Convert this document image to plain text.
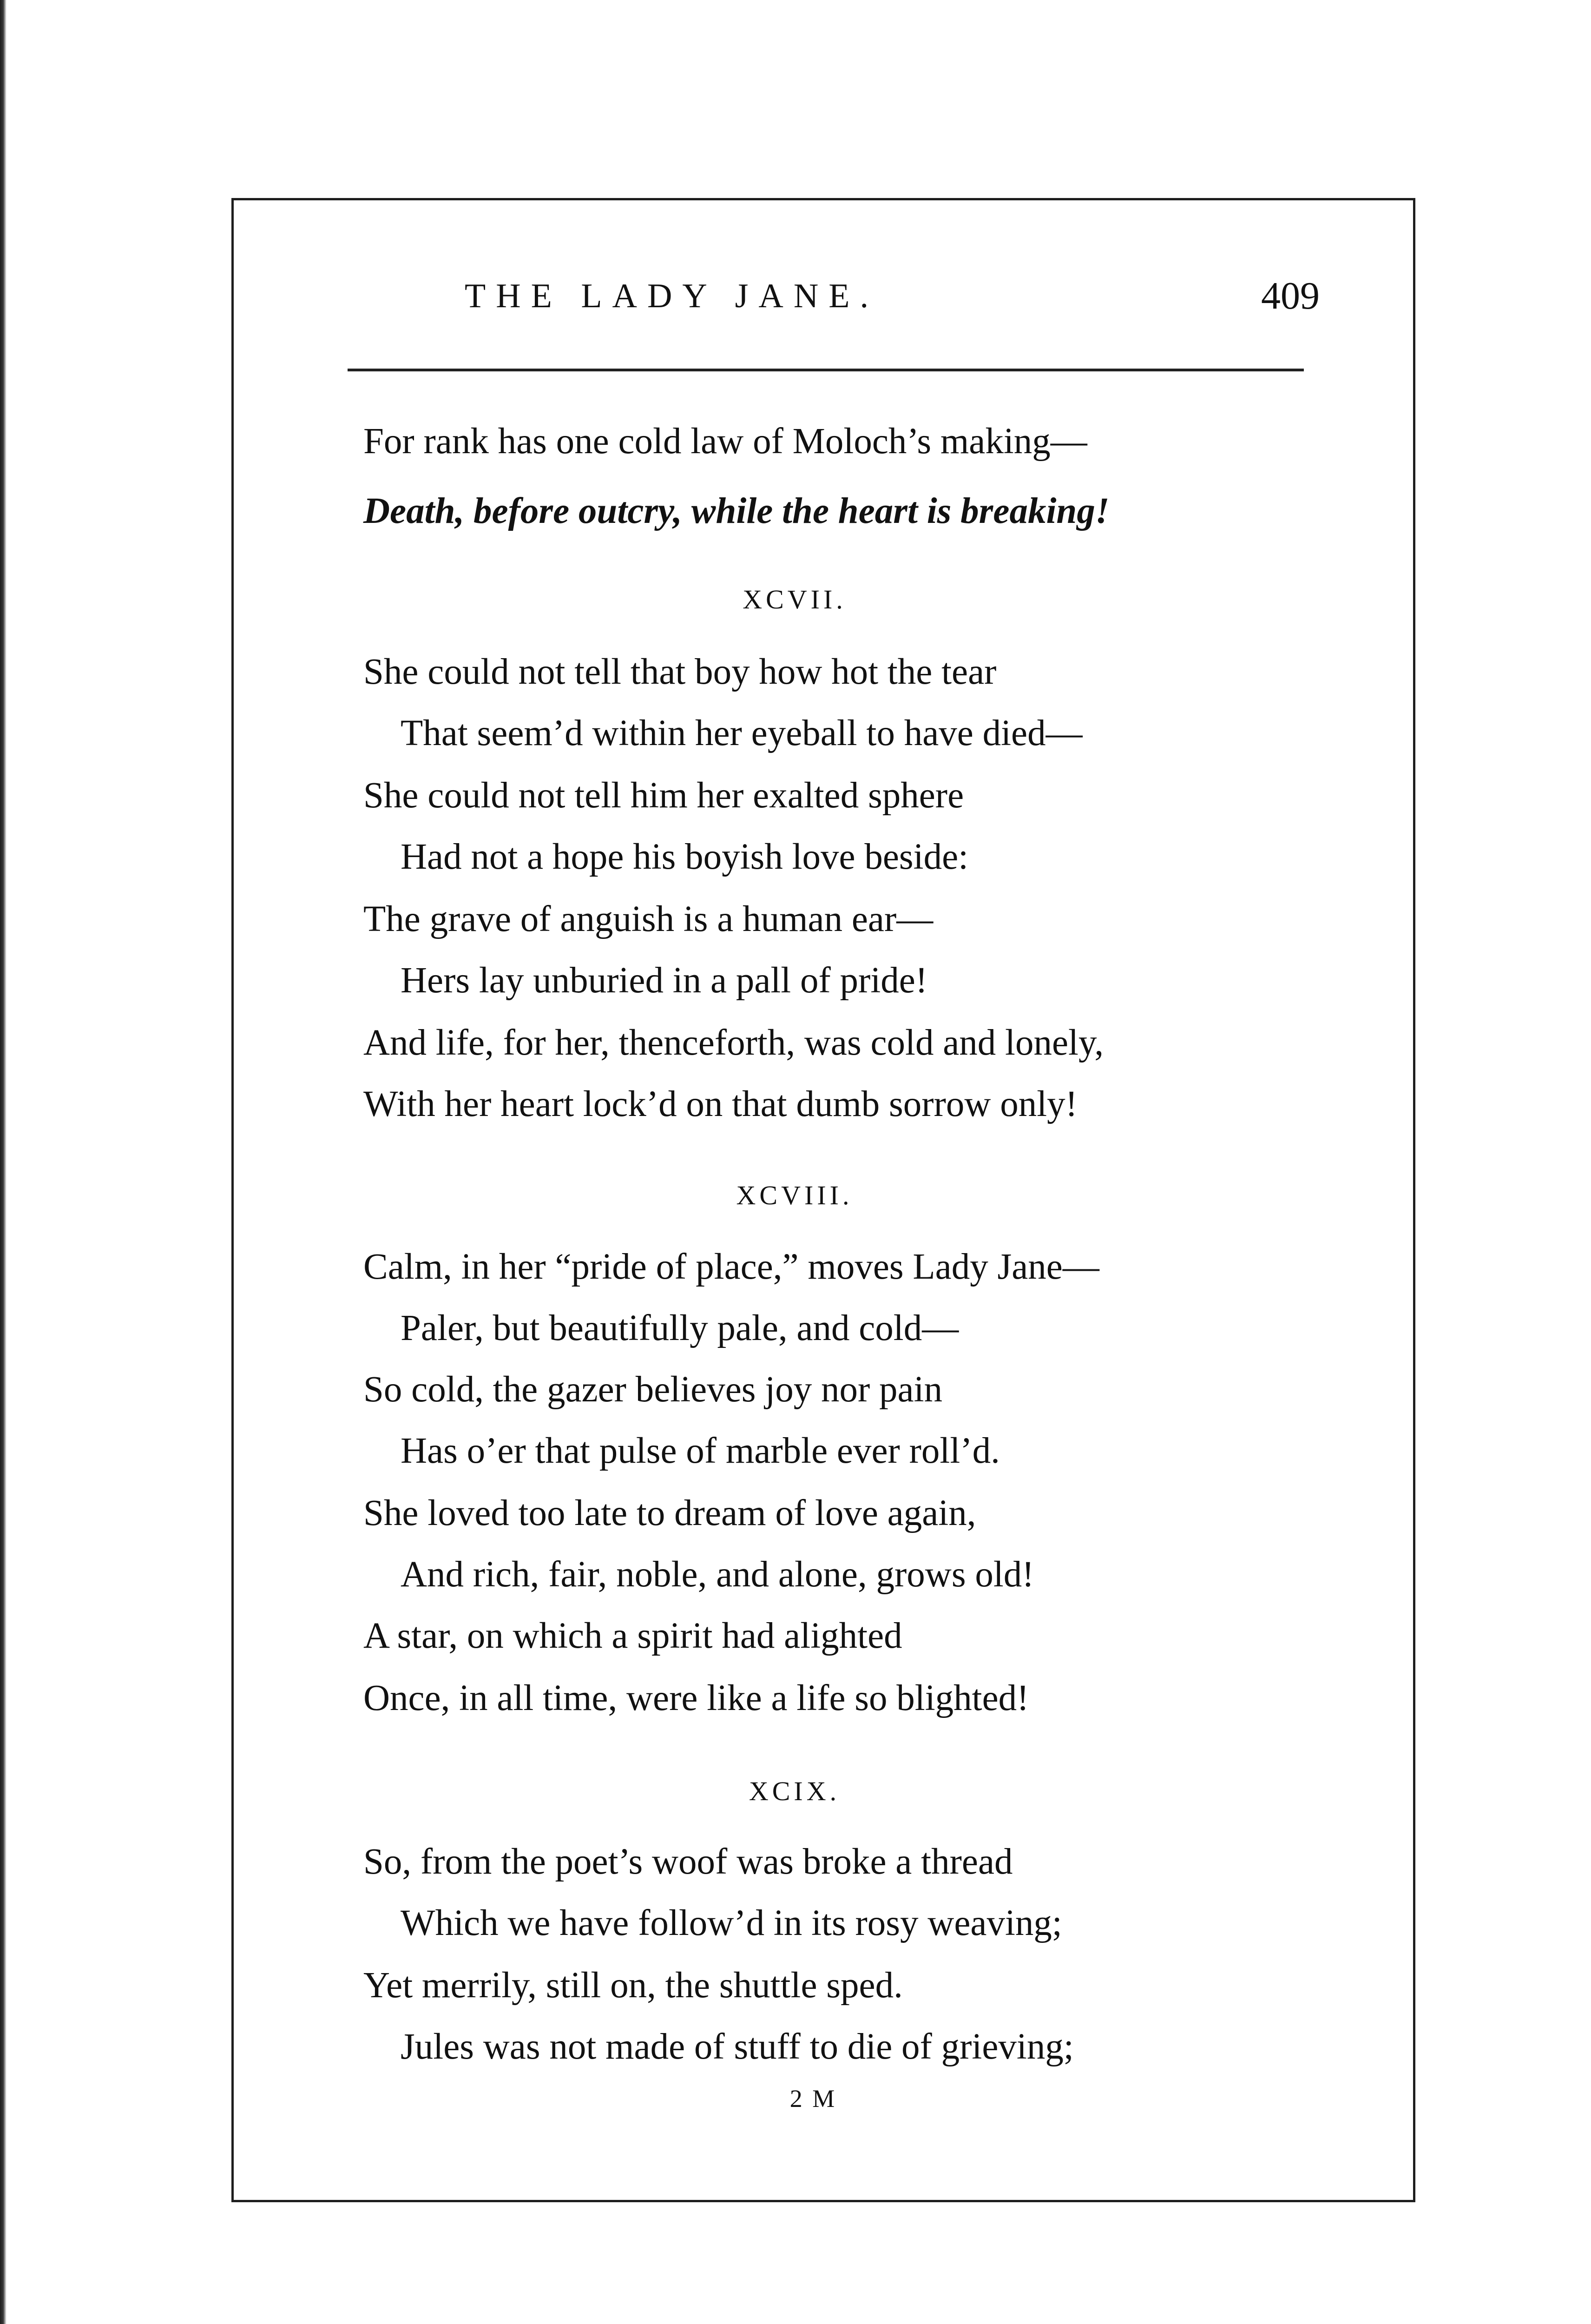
THE LADY JANE.	409
For rank has one cold law of Moloch’s making—
Death, before outcry, while the heart is breaking!
XCVII.
She could not tell that boy how hot the tear
That seem’d within her eyeball to have died—
She could not tell him her exalted sphere
Had not a hope his boyish love beside:
The grave of anguish is a human ear—
Hers lay unburied in a pall of pride!
And life, for her, thenceforth, was cold and lonely,
With her heart lock’d on that dumb sorrow only!
XCVIII.
Calm, in her “pride of place,” moves Lady Jane—
Paler, but beautifully pale, and cold—
So cold, the gazer believes joy nor pain
Has o’er that pulse of marble ever roll’d.
She loved too late to dream of love again,
And rich, fair, noble, and alone, grows old!
A star, on which a spirit had alighted
Once, in all time, were like a life so blighted!
XCIX.
So, from the poet’s woof was broke a thread
Which we have follow’d in its rosy weaving;
Yet merrily, still on, the shuttle sped.
Jules was not made of stuff to die of grieving;
2 M
